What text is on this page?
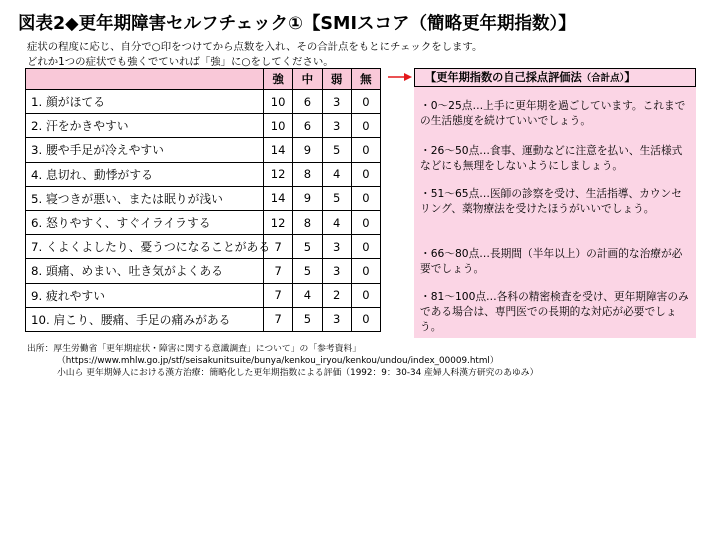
図表2◆更年期障害セルフチェック①【SMIスコア（簡略更年期指数）】
症状の程度に応じ、自分で○印をつけてから点数を入れ、その合計点をもとにチェックをします。
どれか1つの症状でも強くでていれば「強」に○をしてください。
	強	中	弱	無
1. 顔がほてる	10	6	3	0
2. 汗をかきやすい	10	6	3	0
3. 腰や手足が冷えやすい	14	9	5	0
4. 息切れ、動悸がする	12	8	4	0
5. 寝つきが悪い、または眠りが浅い	14	9	5	0
6. 怒りやすく、すぐイライラする	12	8	4	0
7. くよくよしたり、憂うつになることがある	7	5	3	0
8. 頭痛、めまい、吐き気がよくある	7	5	3	0
9. 疲れやすい	7	4	2	0
10. 肩こり、腰痛、手足の痛みがある	7	5	3	0
【更年期指数の自己採点評価法（合計点）】
・0～25点…上手に更年期を過ごしています。これまでの生活態度を続けていいでしょう。
・26～50点…食事、運動などに注意を払い、生活様式などにも無理をしないようにしましょう。
・51～65点…医師の診察を受け、生活指導、カウンセリング、薬物療法を受けたほうがいいでしょう。
・66～80点…長期間（半年以上）の計画的な治療が必要でしょう。
・81～100点…各科の精密検査を受け、更年期障害のみである場合は、専門医での長期的な対応が必要でしょう。
出所：厚生労働省「更年期症状・障害に関する意識調査」について」の「参考資料」
（https://www.mhlw.go.jp/stf/seisakunitsuite/bunya/kenkou_iryou/kenkou/undou/index_00009.html）
小山ら 更年期婦人における漢方治療：簡略化した更年期指数による評価（1992：9：30-34 産婦人科漢方研究のあゆみ）
